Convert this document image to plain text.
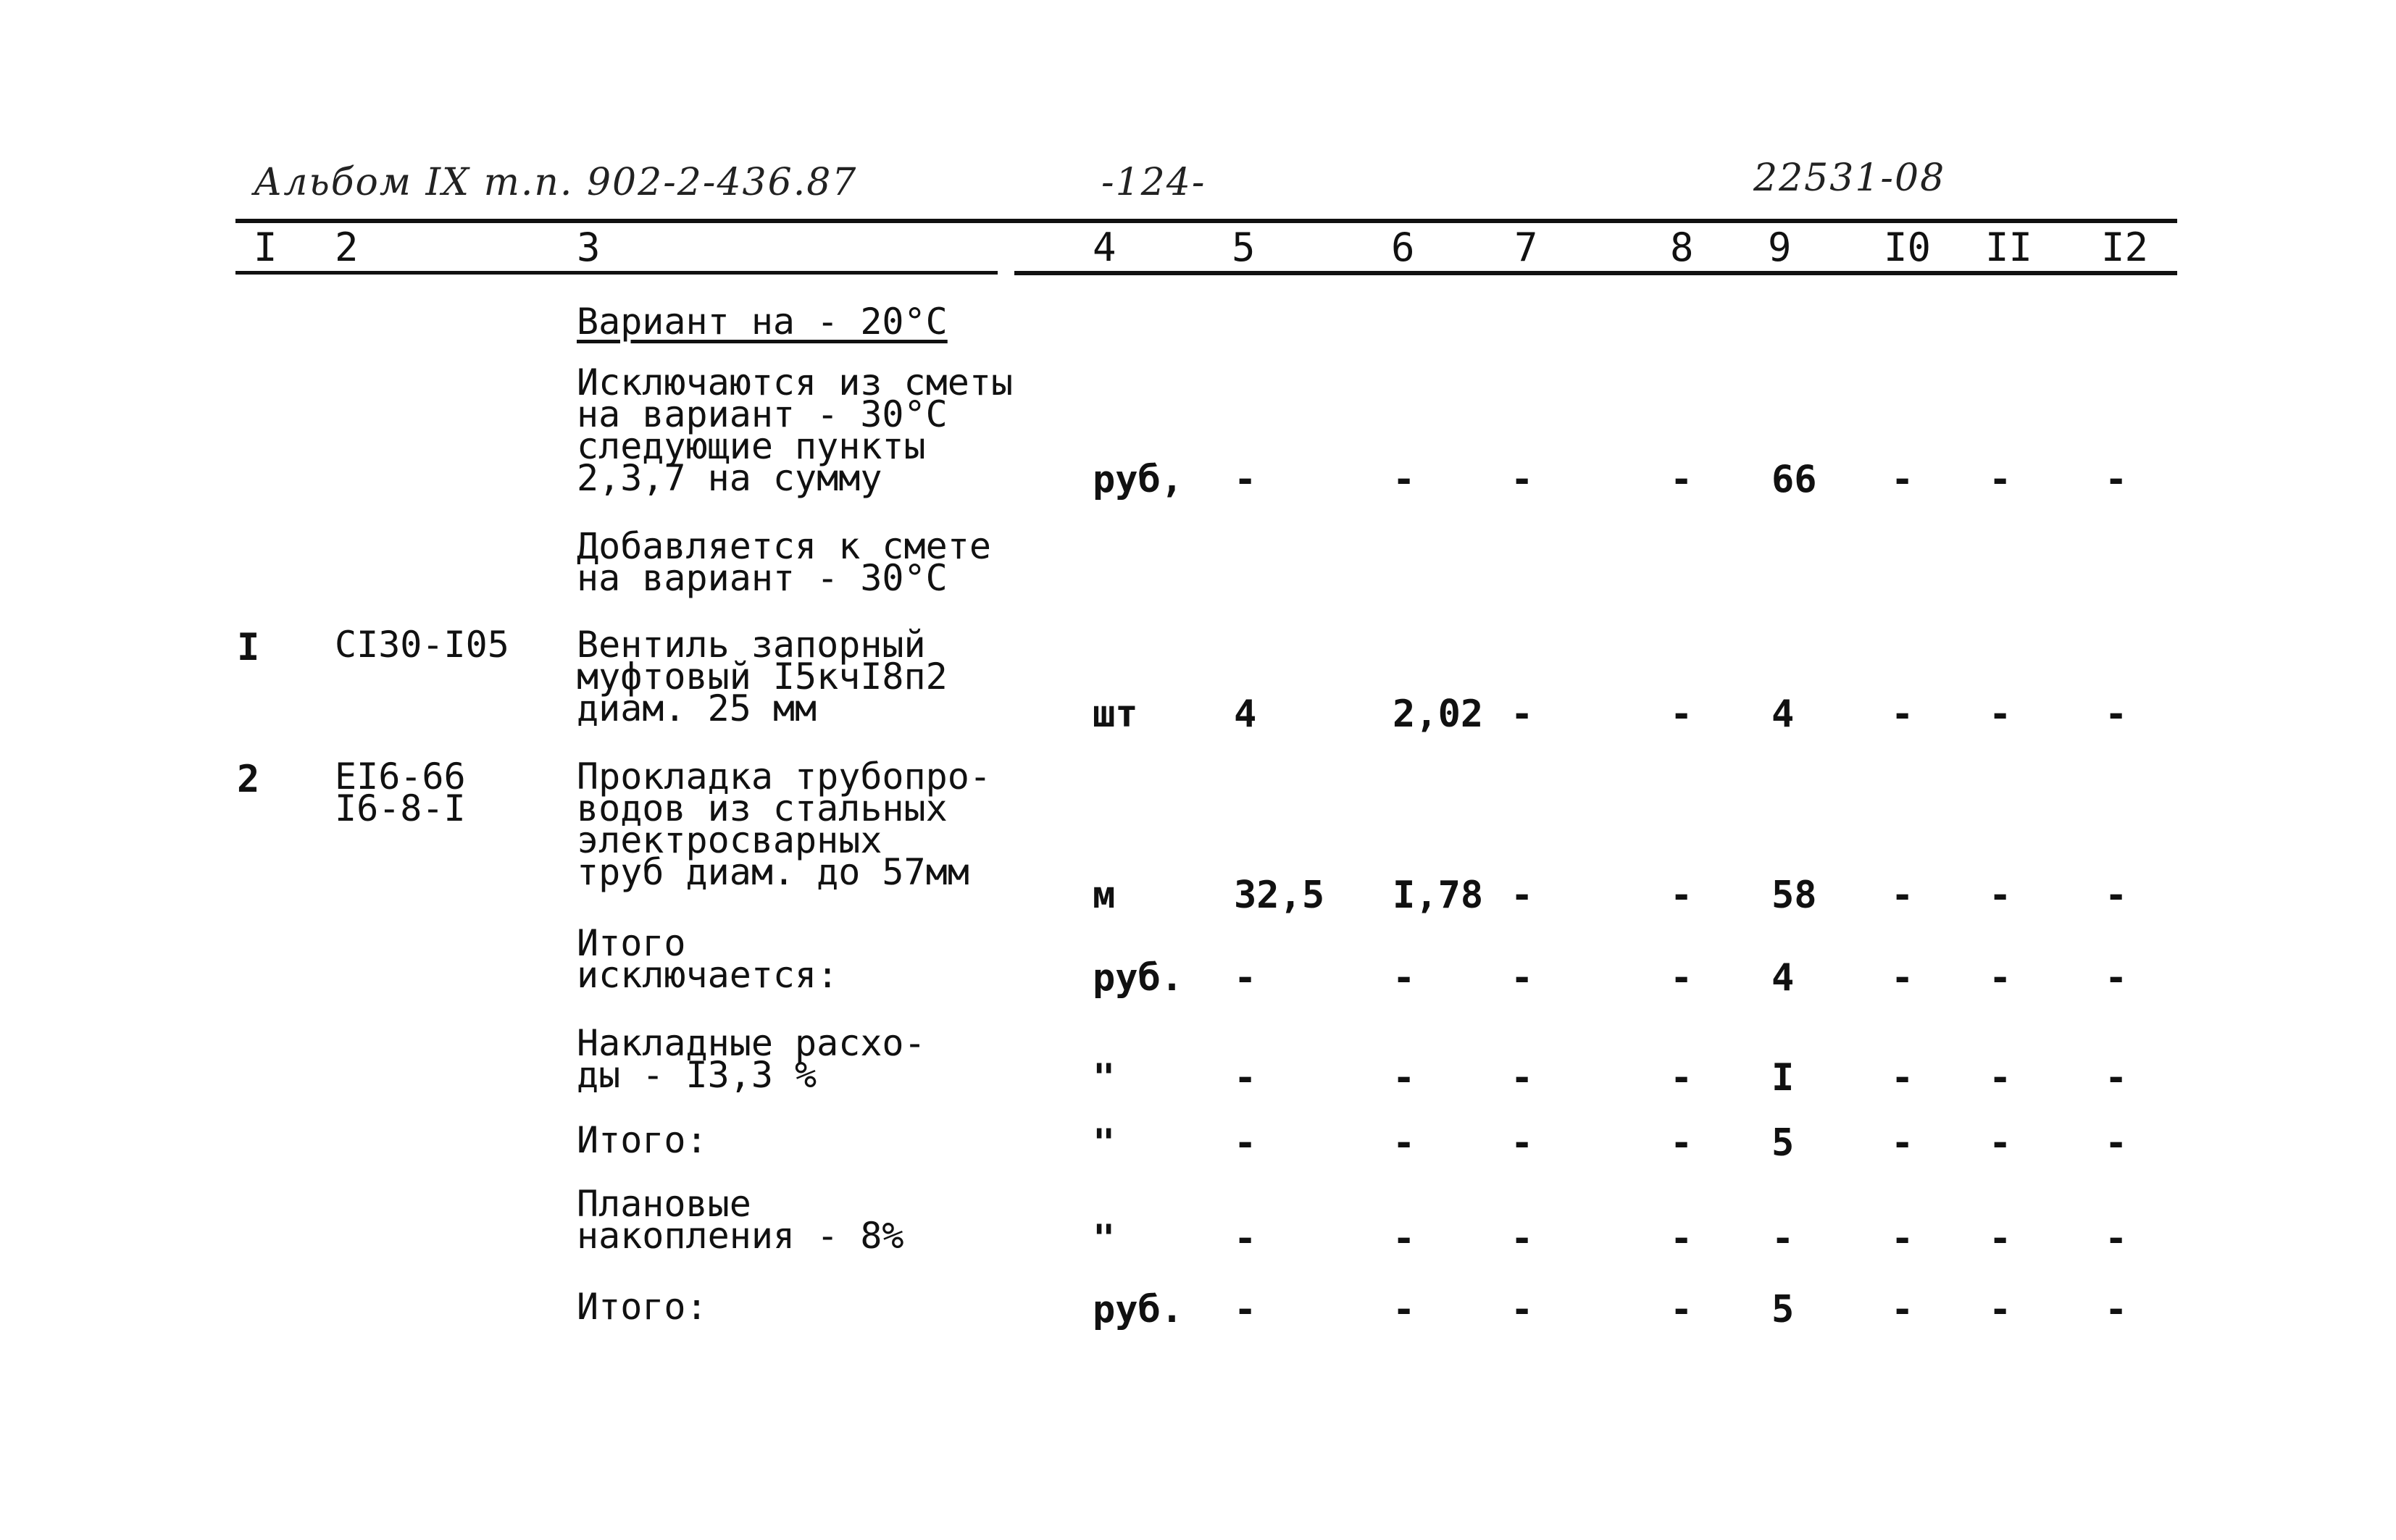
Альбом ІХ т.п. 902-2-436.87	-124-	22531-08
I 2	3	4	5	6	7	8 9 I0 II I2
Вариант на - 20°C
Исключаются из сметы
на вариант - 30°C
следующие пункты
2,3,7 на сумму	руб, -	-	-	- 66 - - -
Добавляется к смете
на вариант - 30°C
I CI30-I05 Вентиль запорный
муфтовый I5кчI8п2
диам. 25 мм	шт	4	2,02 -	- 4	- - -
2 EI6-66
I6-8-I
Прокладка трубопро-
водов из стальных
электросварных
труб диам. до 57мм
м	32,5 I,78 -	- 58 - - -
Итого
исключается:	руб. -	-	-	- 4	- - -
Накладные расхо-
ды - I3,3 %	"	-	-	-	- I	- - -
Итого:	"	-	-	-	- 5	- - -
Плановые
накопления - 8%	"	-	-	-	- -	- - -
Итого:	руб. -	-	-	- 5	- - -
